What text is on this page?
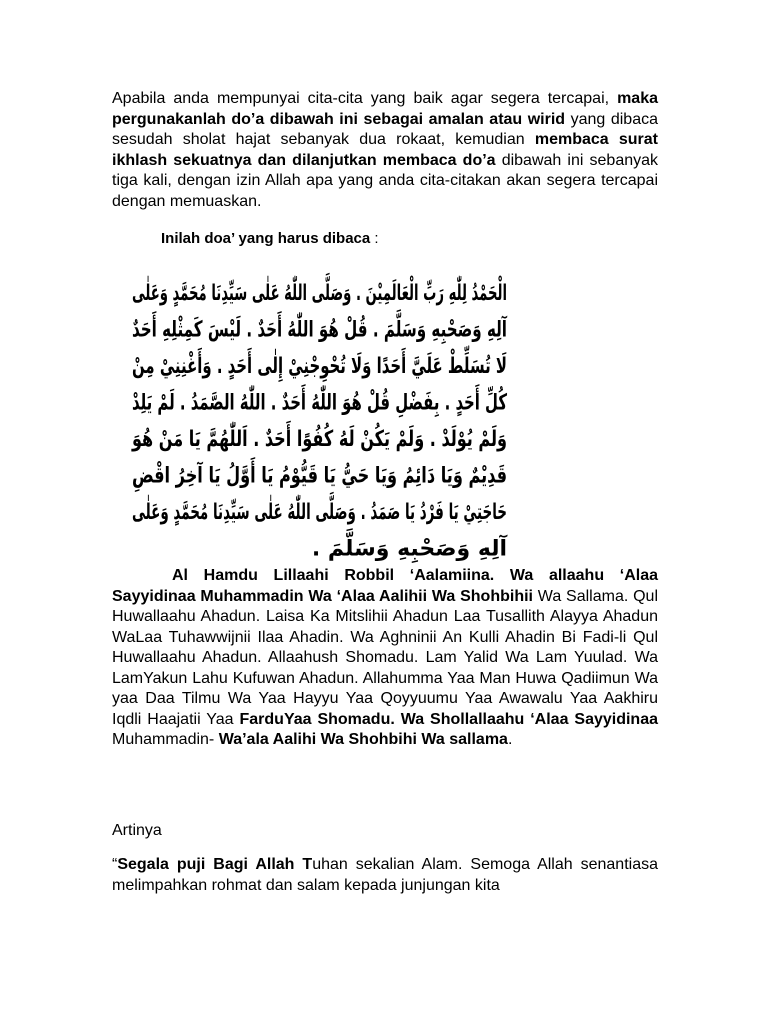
Apabila anda mempunyai cita-cita yang baik agar segera tercapai, maka pergunakanlah do’a dibawah ini sebagai amalan atau wirid yang dibaca sesudah sholat hajat sebanyak dua rokaat, kemudian membaca surat ikhlash sekuatnya dan dilanjutkan membaca do’a dibawah ini sebanyak tiga kali, dengan izin Allah apa yang anda cita-citakan akan segera tercapai dengan memuaskan.

Inilah doa’ yang harus dibaca :
الْحَمْدُ لِلّٰهِ رَبِّ الْعَالَمِيْنَ . وَصَلَّى اللّٰهُ عَلٰى سَيِّدِنَا مُحَمَّدٍ وَعَلٰى
آلِهِ وَصَحْبِهِ وَسَلَّمَ . قُلْ هُوَ اللّٰهُ أَحَدٌ . لَيْسَ كَمِثْلِهِ أَحَدٌ
لَا تُسَلِّطْ عَلَيَّ أَحَدًا وَلَا تُحْوِجْنِيْ إِلٰى أَحَدٍ . وَأَغْنِنِيْ مِنْ
كُلِّ أَحَدٍ . بِفَضْلِ قُلْ هُوَ اللّٰهُ أَحَدٌ . اللّٰهُ الصَّمَدُ . لَمْ يَلِدْ
وَلَمْ يُوْلَدْ . وَلَمْ يَكُنْ لَهُ كُفُوًا أَحَدٌ . اَللّٰهُمَّ يَا مَنْ هُوَ
قَدِيْمٌ وَيَا دَائِمُ وَيَا حَيُّ يَا قَيُّوْمُ يَا أَوَّلُ يَا آخِرُ اقْضِ
حَاجَتِيْ يَا فَرْدُ يَا صَمَدُ . وَصَلَّى اللّٰهُ عَلٰى سَيِّدِنَا مُحَمَّدٍ وَعَلٰى
آلِهِ وَصَحْبِهِ وَسَلَّمَ .

Al Hamdu Lillaahi Robbil ‘Aalamiina. Wa allaahu ‘Alaa Sayyidinaa Muhammadin Wa ‘Alaa Aalihii Wa Shohbihii Wa Sallama. Qul Huwallaahu Ahadun. Laisa Ka Mitslihii Ahadun Laa Tusallith Alayya Ahadun WaLaa Tuhawwijnii Ilaa Ahadin. Wa Aghninii An Kulli Ahadin Bi Fadi-li Qul Huwallaahu Ahadun. Allaahush Shomadu. Lam Yalid Wa Lam Yuulad. Wa LamYakun Lahu Kufuwan Ahadun. Allahumma Yaa Man Huwa Qadiimun Wa yaa Daa Tilmu Wa Yaa Hayyu Yaa Qoyyuumu Yaa Awawalu Yaa Aakhiru Iqdli Haajatii Yaa FarduYaa Shomadu. Wa Shollallaahu ‘Alaa Sayyidinaa Muhammadin- Wa’ala Aalihi Wa Shohbihi Wa sallama.

Artinya

“Segala puji Bagi Allah Tuhan sekalian Alam. Semoga Allah senantiasa melimpahkan rohmat dan salam kepada junjungan kita
